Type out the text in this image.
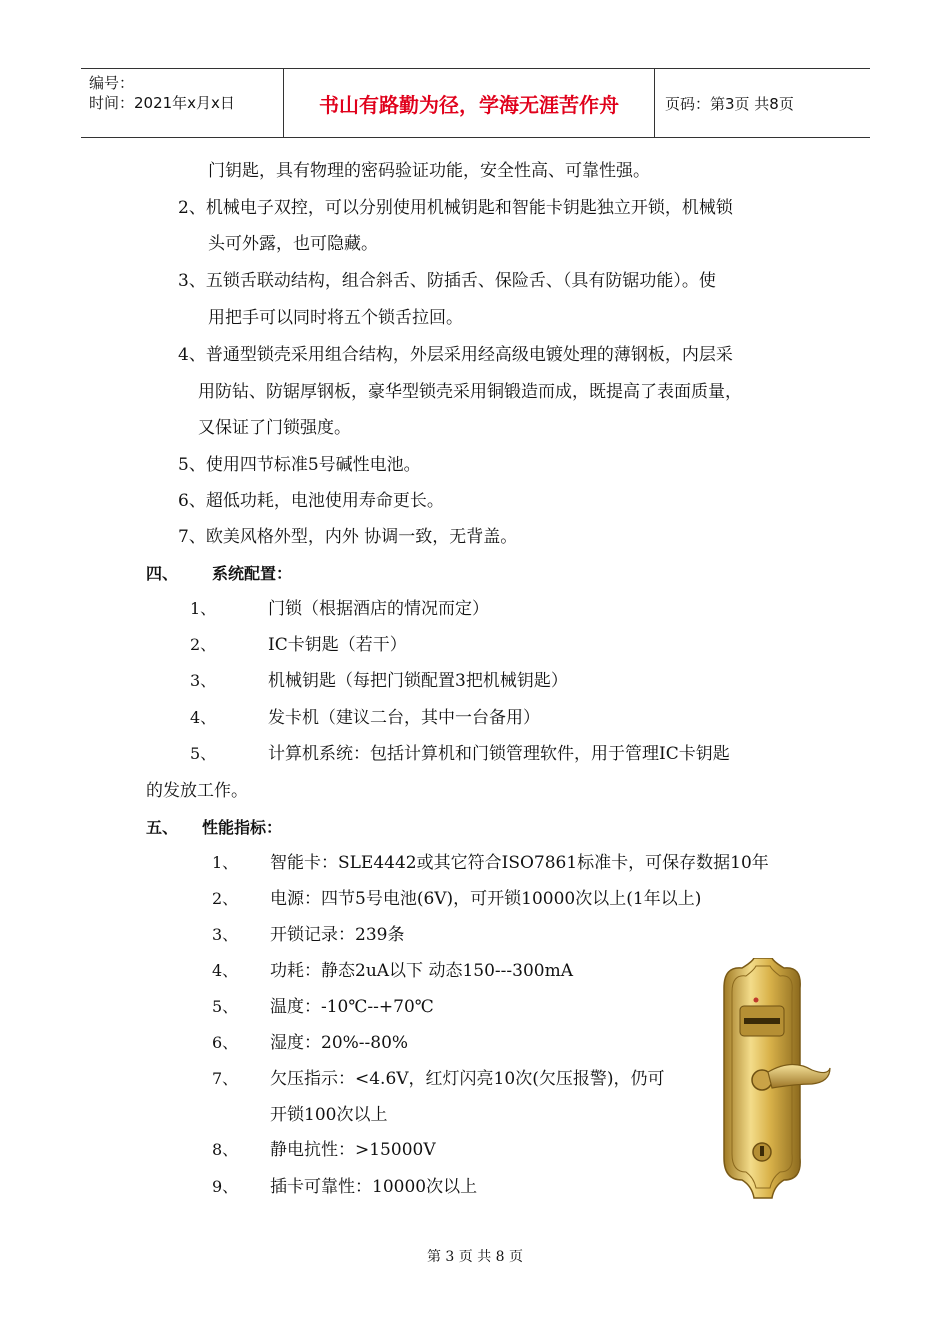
编号：
时间：2021年x月x日	书山有路勤为径，学海无涯苦作舟	页码：第3页 共8页
门钥匙，具有物理的密码验证功能，安全性高、可靠性强。
2、机械电子双控，可以分别使用机械钥匙和智能卡钥匙独立开锁，机械锁
头可外露，也可隐藏。
3、五锁舌联动结构，组合斜舌、防插舌、保险舌、（具有防锯功能）。使
用把手可以同时将五个锁舌拉回。
4、普通型锁壳采用组合结构，外层采用经高级电镀处理的薄钢板，内层采
用防钻、防锯厚钢板，豪华型锁壳采用铜锻造而成，既提高了表面质量，
又保证了门锁强度。
5、使用四节标准5号碱性电池。
6、超低功耗，电池使用寿命更长。
7、欧美风格外型，内外 协调一致，无背盖。
四、 系统配置：
1、	门锁（根据酒店的情况而定）
2、	IC卡钥匙（若干）
3、	机械钥匙（每把门锁配置3把机械钥匙）
4、	发卡机（建议二台，其中一台备用）
5、	计算机系统：包括计算机和门锁管理软件，用于管理IC卡钥匙
的发放工作。
五、 性能指标：
1、 智能卡：SLE4442或其它符合ISO7861标准卡，可保存数据10年
2、 电源：四节5号电池(6V)，可开锁10000次以上(1年以上)
3、 开锁记录：239条
4、 功耗：静态2uA以下 动态150---300mA
5、 温度：-10℃--+70℃
6、 湿度：20%--80%
7、 欠压指示：<4.6V，红灯闪亮10次(欠压报警)，仍可
开锁100次以上
8、 静电抗性：>15000V
9、 插卡可靠性：10000次以上
第 3 页 共 8 页
